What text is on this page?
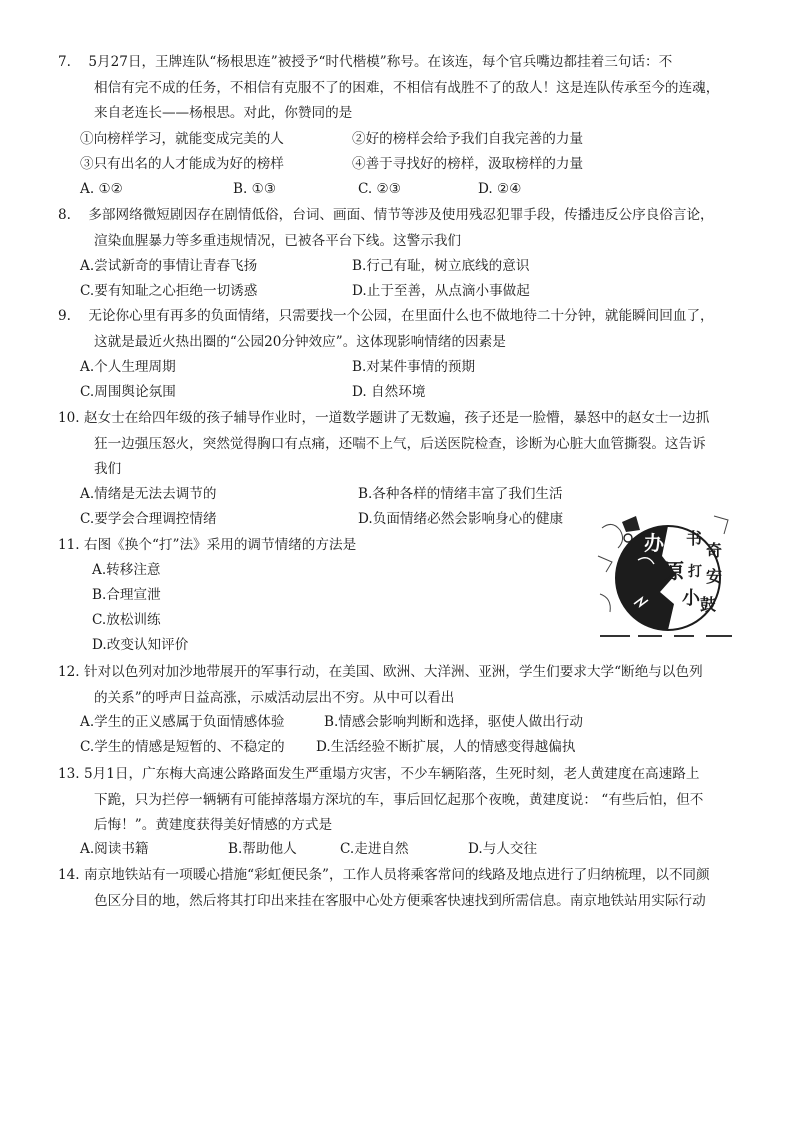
7. 5月27日，王牌连队“杨根思连”被授予“时代楷模”称号。在该连，每个官兵嘴边都挂着三句话：不
相信有完不成的任务，不相信有克服不了的困难，不相信有战胜不了的敌人！这是连队传承至今的连魂，
来自老连长——杨根思。对此，你赞同的是
①向榜样学习，就能变成完美的人	②好的榜样会给予我们自我完善的力量
③只有出名的人才能成为好的榜样	④善于寻找好的榜样，汲取榜样的力量
A. ①②	B. ①③	C. ②③	D. ②④
8. 多部网络微短剧因存在剧情低俗，台词、画面、情节等涉及使用残忍犯罪手段，传播违反公序良俗言论，
渲染血腥暴力等多重违规情况，已被各平台下线。这警示我们
A.尝试新奇的事情让青春飞扬	B.行己有耻，树立底线的意识
C.要有知耻之心拒绝一切诱惑	D.止于至善，从点滴小事做起
9. 无论你心里有再多的负面情绪，只需要找一个公园，在里面什么也不做地待二十分钟，就能瞬间回血了，
这就是最近火热出圈的“公园20分钟效应”。这体现影响情绪的因素是
A.个人生理周期	B.对某件事情的预期
C.周围舆论氛围	D. 自然环境
10. 赵女士在给四年级的孩子辅导作业时，一道数学题讲了无数遍，孩子还是一脸懵，暴怒中的赵女士一边抓
狂一边强压怒火，突然觉得胸口有点痛，还喘不上气，后送医院检查，诊断为心脏大血管撕裂。这告诉
我们
A.情绪是无法去调节的	B.各种各样的情绪丰富了我们生活
C.要学会合理调控情绪	D.负面情绪必然会影响身心的健康
11. 右图《换个“打”法》采用的调节情绪的方法是
A.转移注意
B.合理宣泄
C.放松训练
D.改变认知评价
办 书
奇
原 打 安
小 鼓
12. 针对以色列对加沙地带展开的军事行动，在美国、欧洲、大洋洲、亚洲，学生们要求大学“断绝与以色列
的关系”的呼声日益高涨，示威活动层出不穷。从中可以看出
A.学生的正义感属于负面情感体验	B.情感会影响判断和选择，驱使人做出行动
C.学生的情感是短暂的、不稳定的 D.生活经验不断扩展，人的情感变得越偏执
13. 5月1日，广东梅大高速公路路面发生严重塌方灾害，不少车辆陷落，生死时刻，老人黄建度在高速路上
下跪，只为拦停一辆辆有可能掉落塌方深坑的车，事后回忆起那个夜晚，黄建度说： “有些后怕，但不
后悔！”。黄建度获得美好情感的方式是
A.阅读书籍	B.帮助他人	C.走进自然	D.与人交往
14. 南京地铁站有一项暖心措施“彩虹便民条”，工作人员将乘客常问的线路及地点进行了归纳梳理，以不同颜
色区分目的地，然后将其打印出来挂在客服中心处方便乘客快速找到所需信息。南京地铁站用实际行动
